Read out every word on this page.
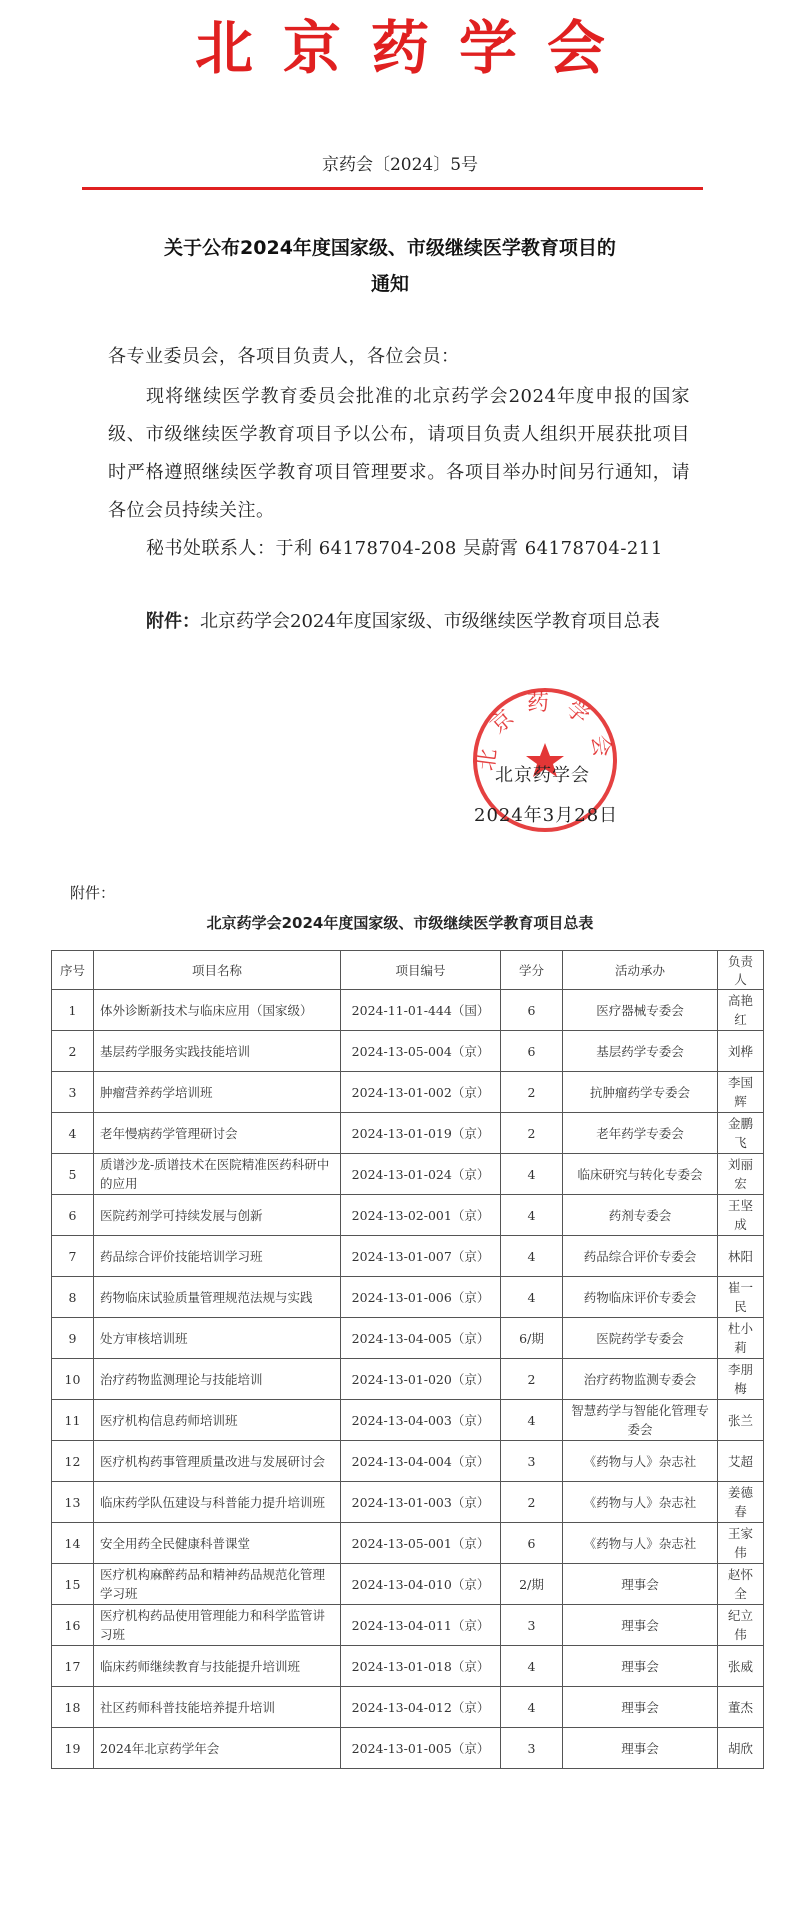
北京药学会
京药会〔2024〕5号
关于公布2024年度国家级、市级继续医学教育项目的
通知
各专业委员会，各项目负责人，各位会员：
现将继续医学教育委员会批准的北京药学会2024年度申报的国家级、市级继续医学教育项目予以公布，请项目负责人组织开展获批项目时严格遵照继续医学教育项目管理要求。各项目举办时间另行通知，请各位会员持续关注。
秘书处联系人：于利 64178704-208 吴蔚霄 64178704-211
附件：北京药学会2024年度国家级、市级继续医学教育项目总表
北京药学会
北京药学会
2024年3月28日
附件：
北京药学会2024年度国家级、市级继续医学教育项目总表
序号	项目名称	项目编号	学分	活动承办	负责人
1	体外诊断新技术与临床应用（国家级）	2024-11-01-444（国）	6	医疗器械专委会	高艳红
2	基层药学服务实践技能培训	2024-13-05-004（京）	6	基层药学专委会	刘桦
3	肿瘤营养药学培训班	2024-13-01-002（京）	2	抗肿瘤药学专委会	李国辉
4	老年慢病药学管理研讨会	2024-13-01-019（京）	2	老年药学专委会	金鹏飞
5	质谱沙龙-质谱技术在医院精准医药科研中的应用	2024-13-01-024（京）	4	临床研究与转化专委会	刘丽宏
6	医院药剂学可持续发展与创新	2024-13-02-001（京）	4	药剂专委会	王坚成
7	药品综合评价技能培训学习班	2024-13-01-007（京）	4	药品综合评价专委会	林阳
8	药物临床试验质量管理规范法规与实践	2024-13-01-006（京）	4	药物临床评价专委会	崔一民
9	处方审核培训班	2024-13-04-005（京）	6/期	医院药学专委会	杜小莉
10	治疗药物监测理论与技能培训	2024-13-01-020（京）	2	治疗药物监测专委会	李朋梅
11	医疗机构信息药师培训班	2024-13-04-003（京）	4	智慧药学与智能化管理专委会	张兰
12	医疗机构药事管理质量改进与发展研讨会	2024-13-04-004（京）	3	《药物与人》杂志社	艾超
13	临床药学队伍建设与科普能力提升培训班	2024-13-01-003（京）	2	《药物与人》杂志社	姜德春
14	安全用药全民健康科普课堂	2024-13-05-001（京）	6	《药物与人》杂志社	王家伟
15	医疗机构麻醉药品和精神药品规范化管理学习班	2024-13-04-010（京）	2/期	理事会	赵怀全
16	医疗机构药品使用管理能力和科学监管讲习班	2024-13-04-011（京）	3	理事会	纪立伟
17	临床药师继续教育与技能提升培训班	2024-13-01-018（京）	4	理事会	张威
18	社区药师科普技能培养提升培训	2024-13-04-012（京）	4	理事会	董杰
19	2024年北京药学年会	2024-13-01-005（京）	3	理事会	胡欣
